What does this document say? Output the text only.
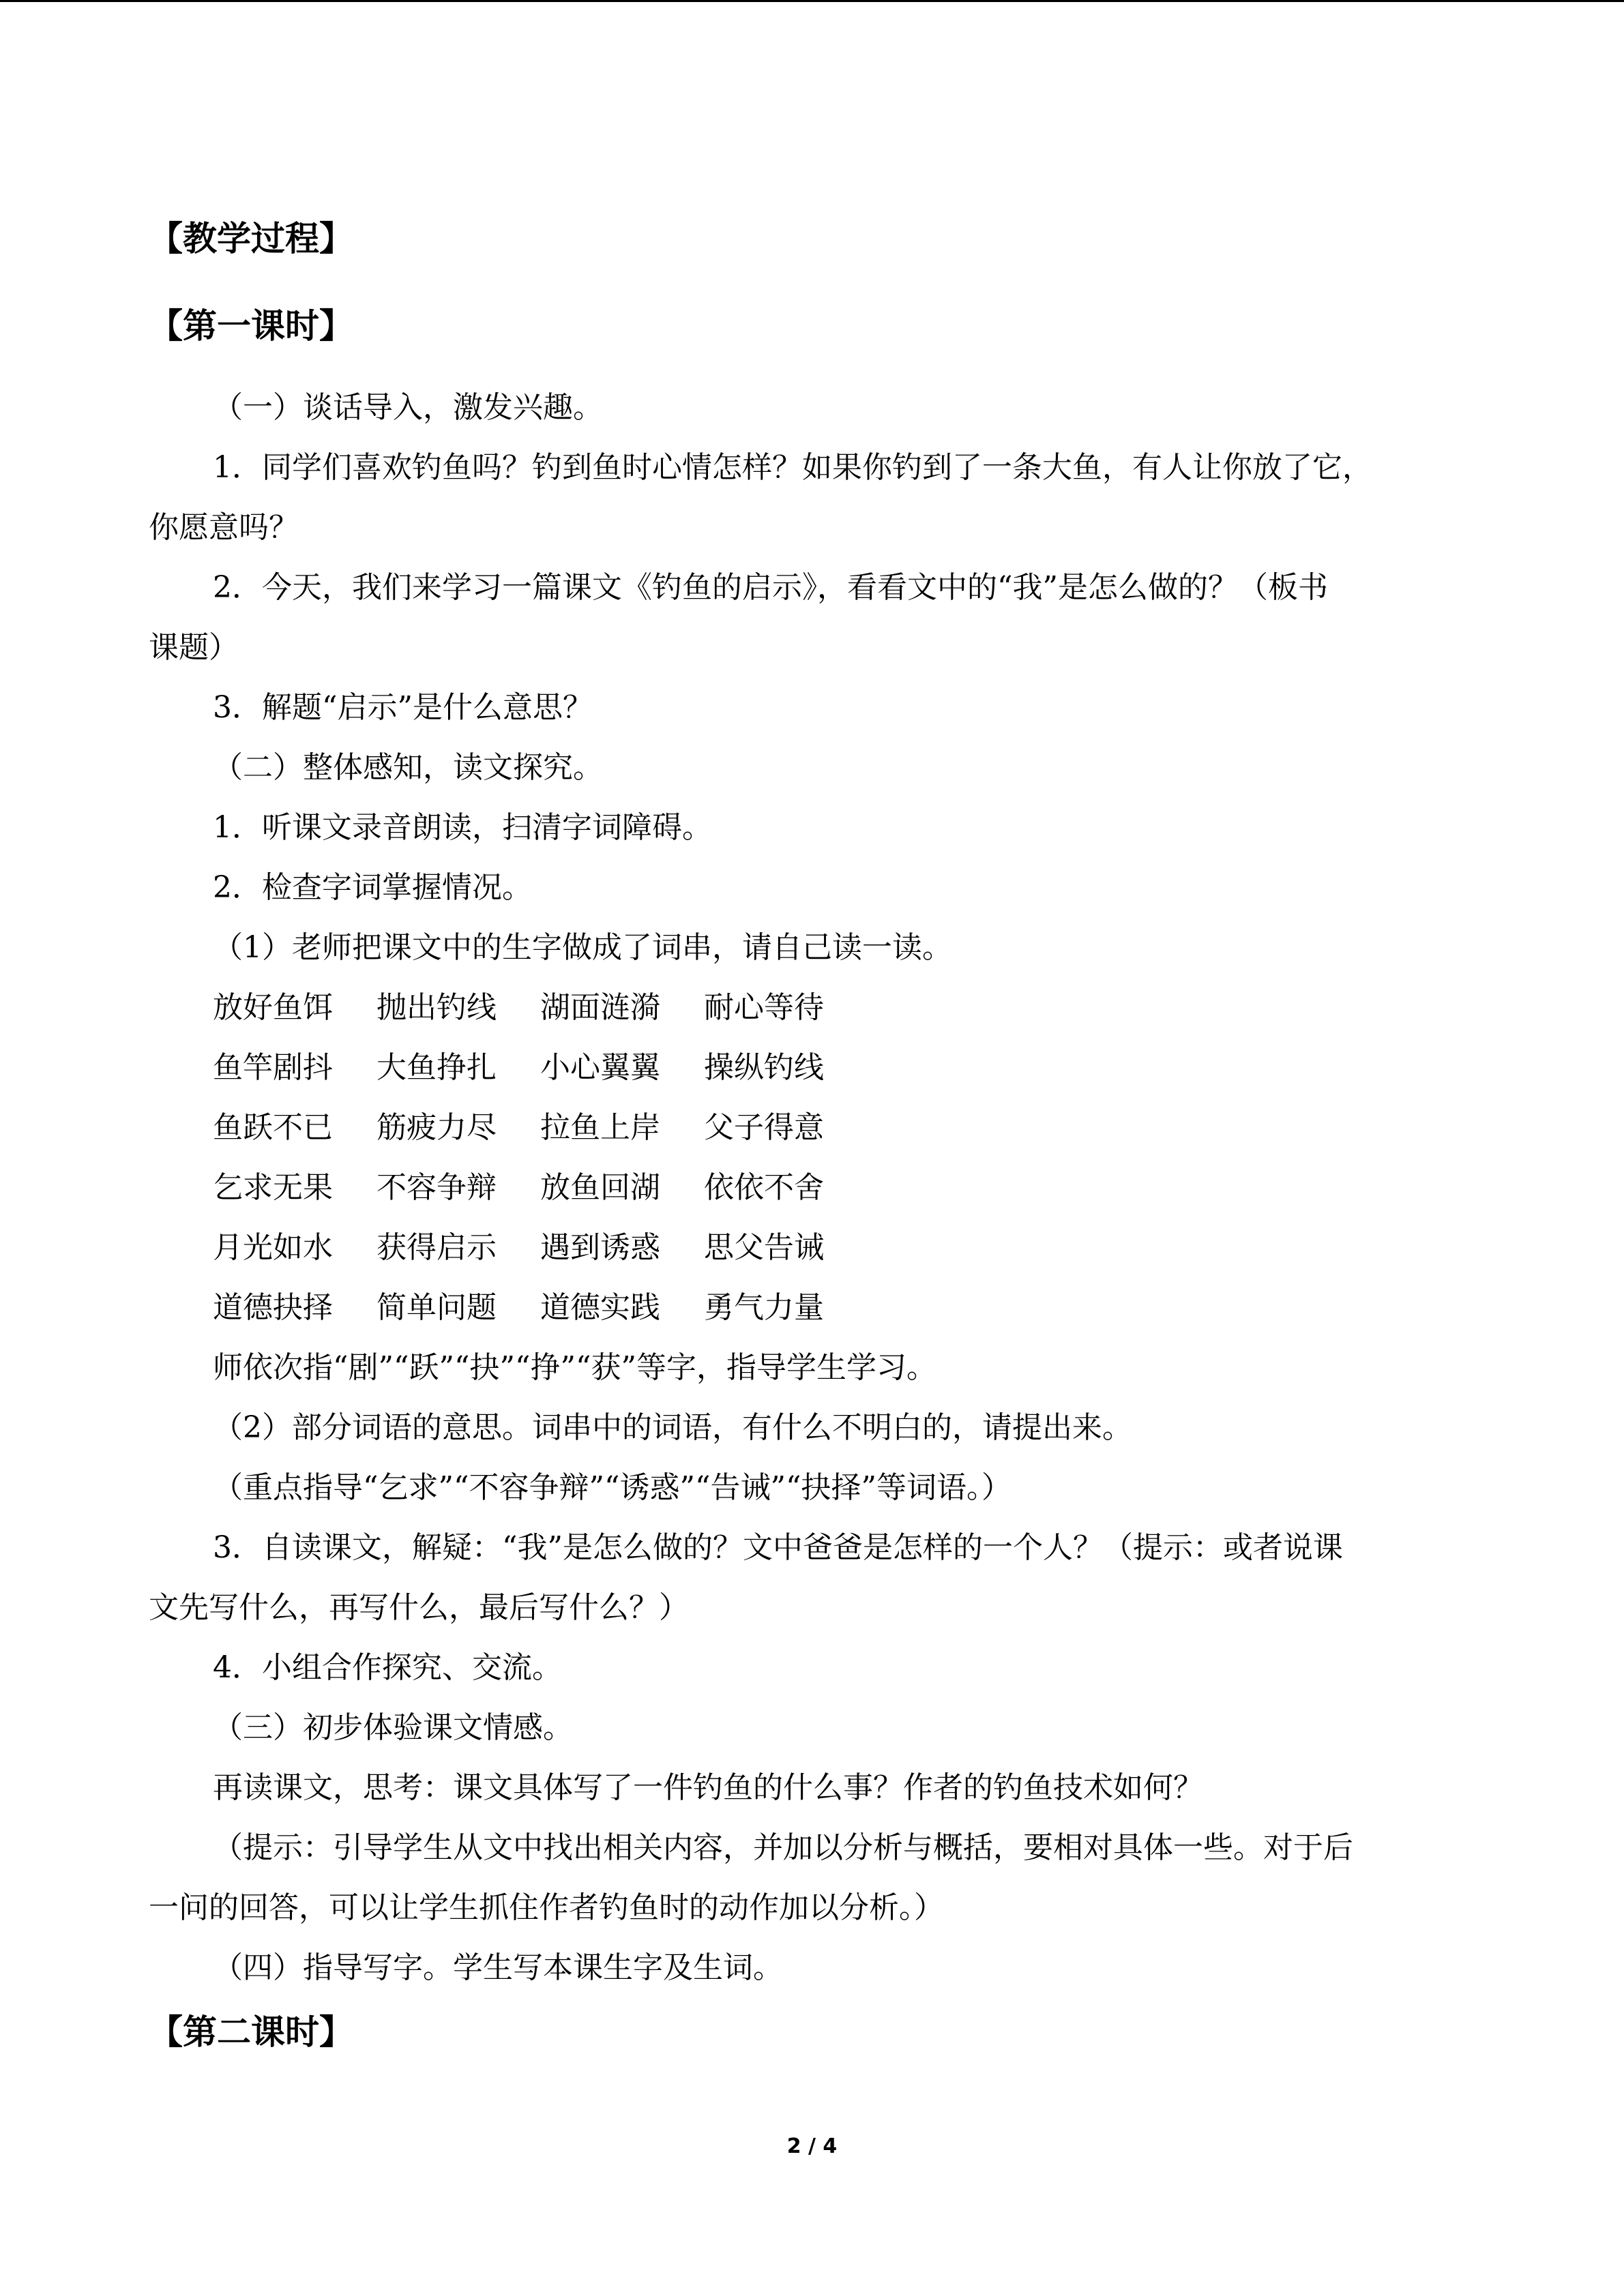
【教学过程】
【第一课时】

（一）谈话导入，激发兴趣。

1．同学们喜欢钓鱼吗？钓到鱼时心情怎样？如果你钓到了一条大鱼，有人让你放了它，

你愿意吗？

2．今天，我们来学习一篇课文《钓鱼的启示》，看看文中的“我”是怎么做的？（板书

课题）

3．解题“启示”是什么意思？

（二）整体感知，读文探究。

1．听课文录音朗读，扫清字词障碍。

2．检查字词掌握情况。

（1）老师把课文中的生字做成了词串，请自己读一读。

放好鱼饵 抛出钓线 湖面涟漪 耐心等待
鱼竿剧抖 大鱼挣扎 小心翼翼 操纵钓线
鱼跃不已 筋疲力尽 拉鱼上岸 父子得意
乞求无果 不容争辩 放鱼回湖 依依不舍
月光如水 获得启示 遇到诱惑 思父告诫
道德抉择 简单问题 道德实践 勇气力量

师依次指“剧”“跃”“抉”“挣”“获”等字，指导学生学习。

（2）部分词语的意思。词串中的词语，有什么不明白的，请提出来。

（重点指导“乞求”“不容争辩”“诱惑”“告诫”“抉择”等词语。）

3．自读课文，解疑：“我”是怎么做的？文中爸爸是怎样的一个人？（提示：或者说课

文先写什么，再写什么，最后写什么？）

4．小组合作探究、交流。

（三）初步体验课文情感。

再读课文，思考：课文具体写了一件钓鱼的什么事？作者的钓鱼技术如何？

（提示：引导学生从文中找出相关内容，并加以分析与概括，要相对具体一些。对于后

一问的回答，可以让学生抓住作者钓鱼时的动作加以分析。）

（四）指导写字。学生写本课生字及生词。

【第二课时】
2 / 4
